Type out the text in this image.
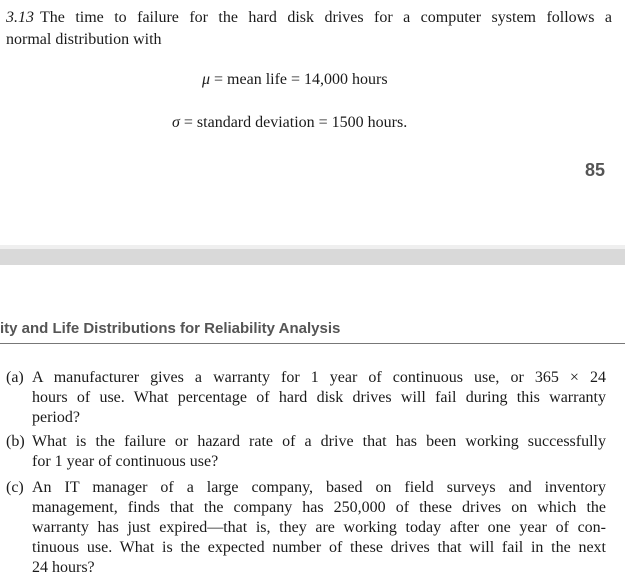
3.13 The time to failure for the hard disk drives for a computer system follows a
normal distribution with
μ = mean life = 14,000 hours
σ = standard deviation = 1500 hours.
85
ity and Life Distributions for Reliability Analysis
(a) A manufacturer gives a warranty for 1 year of continuous use, or 365 × 24
hours of use. What percentage of hard disk drives will fail during this warranty
period?
(b) What is the failure or hazard rate of a drive that has been working successfully
for 1 year of continuous use?
(c) An IT manager of a large company, based on field surveys and inventory
management, finds that the company has 250,000 of these drives on which the
warranty has just expired—that is, they are working today after one year of con-
tinuous use. What is the expected number of these drives that will fail in the next
24 hours?
